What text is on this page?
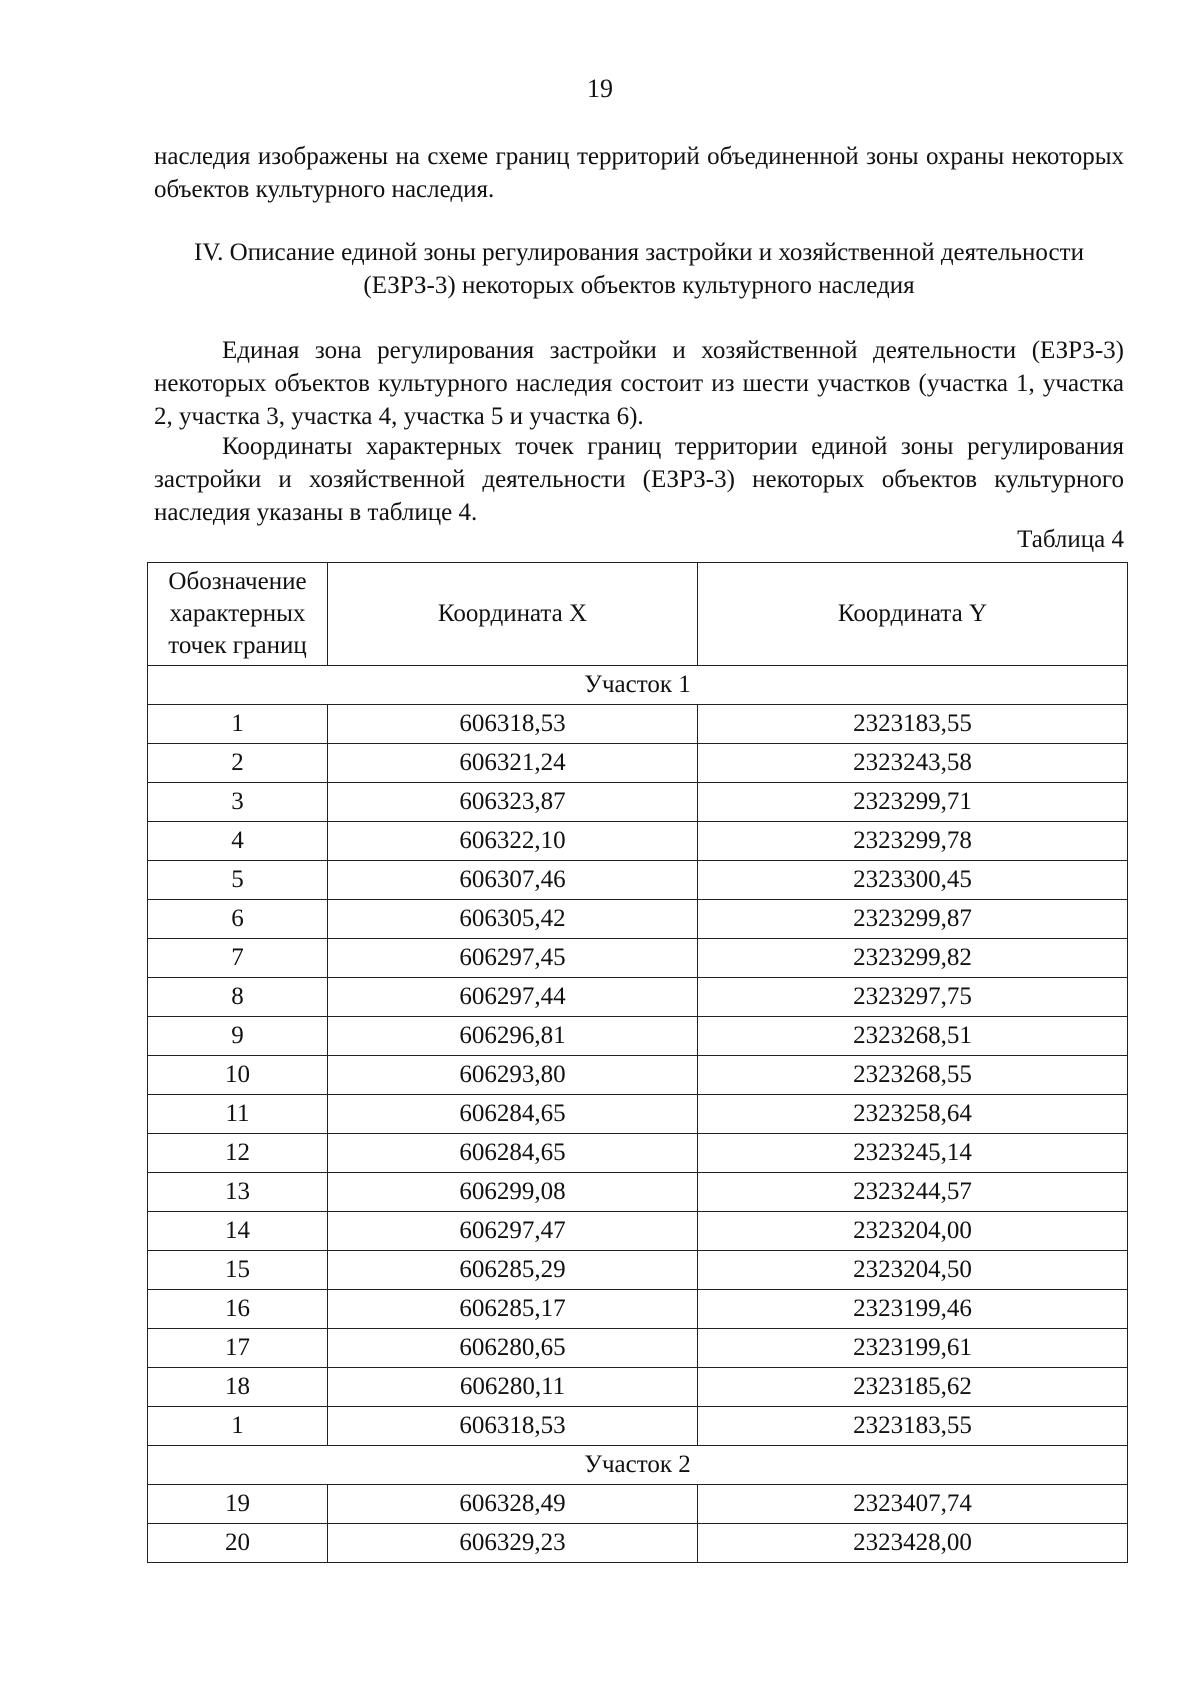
19
наследия изображены на схеме границ территорий объединенной зоны охраны некоторых объектов культурного наследия.
IV. Описание единой зоны регулирования застройки и хозяйственной деятельности (ЕЗРЗ-3) некоторых объектов культурного наследия
Единая зона регулирования застройки и хозяйственной деятельности (ЕЗРЗ-3) некоторых объектов культурного наследия состоит из шести участков (участка 1, участка 2, участка 3, участка 4, участка 5 и участка 6).
Координаты характерных точек границ территории единой зоны регулирования застройки и хозяйственной деятельности (ЕЗРЗ-3) некоторых объектов культурного наследия указаны в таблице 4.
Таблица 4
Обозначение характерных точек границ	Координата X	Координата Y
Участок 1		
1	606318,53	2323183,55
2	606321,24	2323243,58
3	606323,87	2323299,71
4	606322,10	2323299,78
5	606307,46	2323300,45
6	606305,42	2323299,87
7	606297,45	2323299,82
8	606297,44	2323297,75
9	606296,81	2323268,51
10	606293,80	2323268,55
11	606284,65	2323258,64
12	606284,65	2323245,14
13	606299,08	2323244,57
14	606297,47	2323204,00
15	606285,29	2323204,50
16	606285,17	2323199,46
17	606280,65	2323199,61
18	606280,11	2323185,62
1	606318,53	2323183,55
Участок 2		
19	606328,49	2323407,74
20	606329,23	2323428,00
